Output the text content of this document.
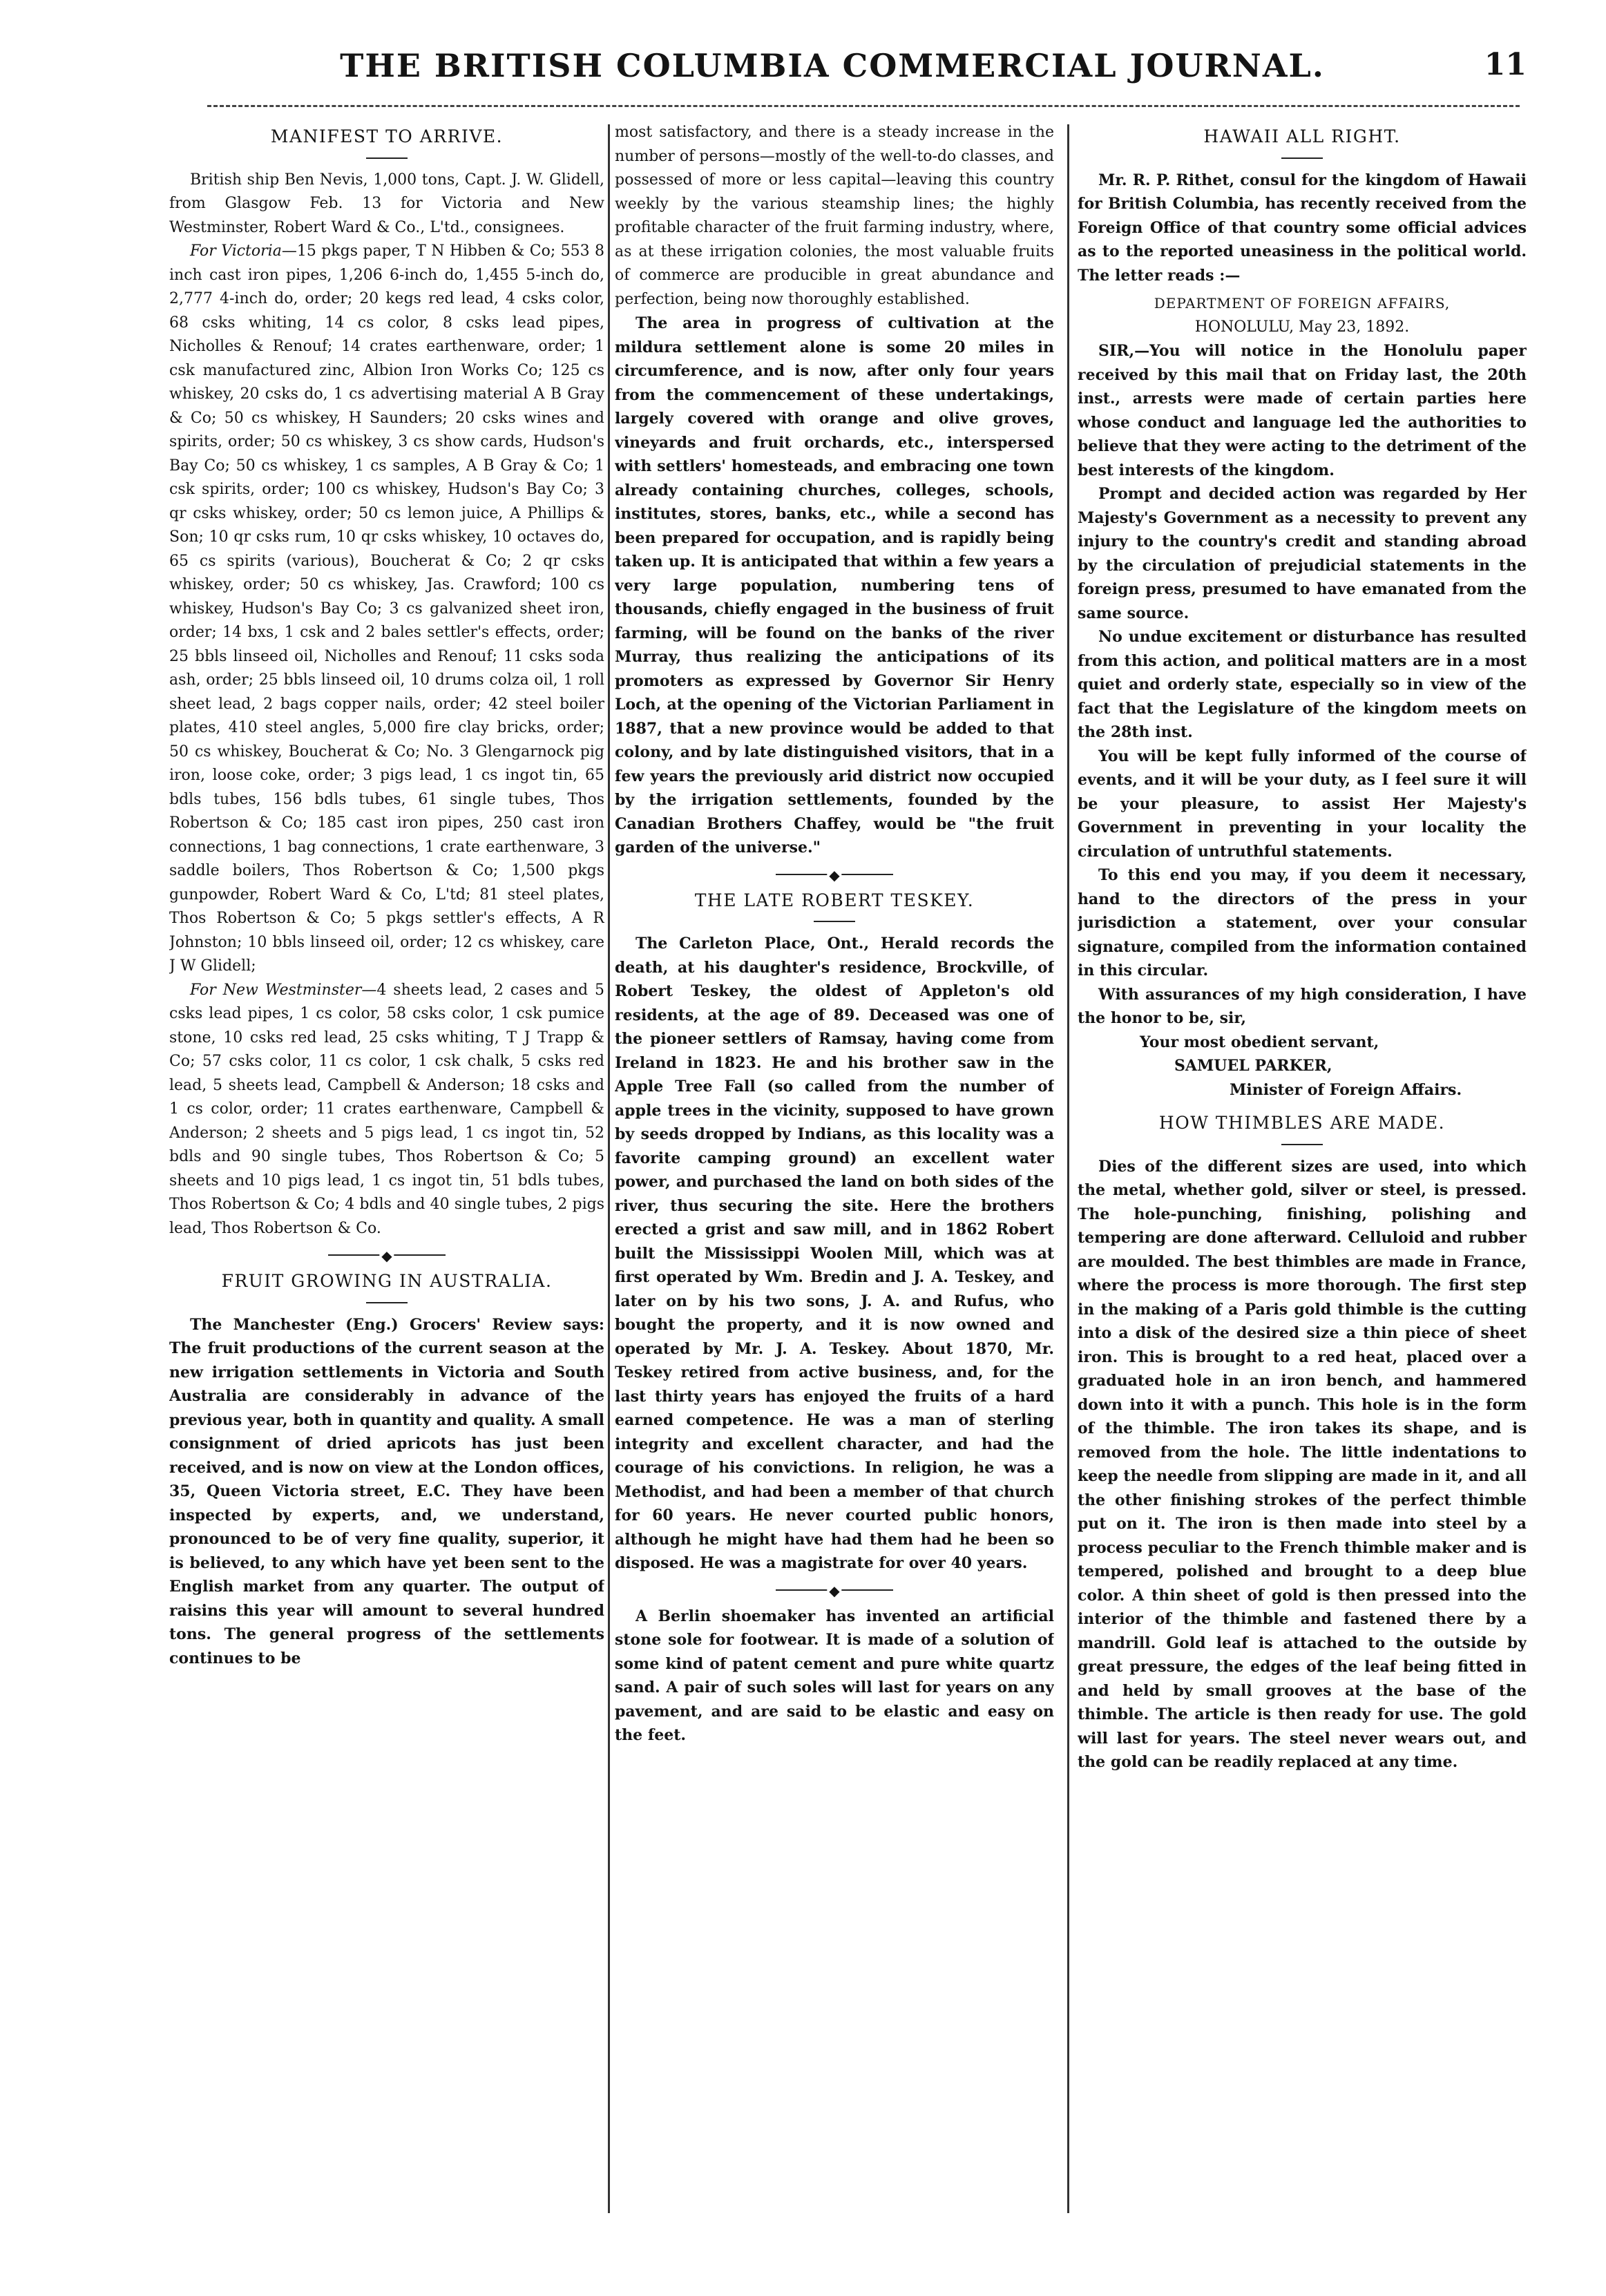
THE BRITISH COLUMBIA COMMERCIAL JOURNAL.	11
MANIFEST TO ARRIVE.

British ship Ben Nevis, 1,000 tons, Capt. J. W. Glidell, from Glasgow Feb. 13 for Victoria and New Westminster, Robert Ward & Co., L'td., consignees.

For Victoria—15 pkgs paper, T N Hibben & Co; 553 8 inch cast iron pipes, 1,206 6-inch do, 1,455 5-inch do, 2,777 4-inch do, order; 20 kegs red lead, 4 csks color, 68 csks whiting, 14 cs color, 8 csks lead pipes, Nicholles & Renouf; 14 crates earthenware, order; 1 csk manufactured zinc, Albion Iron Works Co; 125 cs whiskey, 20 csks do, 1 cs advertising material A B Gray & Co; 50 cs whiskey, H Saunders; 20 csks wines and spirits, order; 50 cs whiskey, 3 cs show cards, Hudson's Bay Co; 50 cs whiskey, 1 cs samples, A B Gray & Co; 1 csk spirits, order; 100 cs whiskey, Hudson's Bay Co; 3 qr csks whiskey, order; 50 cs lemon juice, A Phillips & Son; 10 qr csks rum, 10 qr csks whiskey, 10 octaves do, 65 cs spirits (various), Boucherat & Co; 2 qr csks whiskey, order; 50 cs whiskey, Jas. Crawford; 100 cs whiskey, Hudson's Bay Co; 3 cs galvanized sheet iron, order; 14 bxs, 1 csk and 2 bales settler's effects, order; 25 bbls linseed oil, Nicholles and Renouf; 11 csks soda ash, order; 25 bbls linseed oil, 10 drums colza oil, 1 roll sheet lead, 2 bags copper nails, order; 42 steel boiler plates, 410 steel angles, 5,000 fire clay bricks, order; 50 cs whiskey, Boucherat & Co; No. 3 Glengarnock pig iron, loose coke, order; 3 pigs lead, 1 cs ingot tin, 65 bdls tubes, 156 bdls tubes, 61 single tubes, Thos Robertson & Co; 185 cast iron pipes, 250 cast iron connections, 1 bag connections, 1 crate earthenware, 3 saddle boilers, Thos Robertson & Co; 1,500 pkgs gunpowder, Robert Ward & Co, L'td; 81 steel plates, Thos Robertson & Co; 5 pkgs settler's effects, A R Johnston; 10 bbls linseed oil, order; 12 cs whiskey, care J W Glidell;

For New Westminster—4 sheets lead, 2 cases and 5 csks lead pipes, 1 cs color, 58 csks color, 1 csk pumice stone, 10 csks red lead, 25 csks whiting, T J Trapp & Co; 57 csks color, 11 cs color, 1 csk chalk, 5 csks red lead, 5 sheets lead, Campbell & Anderson; 18 csks and 1 cs color, order; 11 crates earthenware, Campbell & Anderson; 2 sheets and 5 pigs lead, 1 cs ingot tin, 52 bdls and 90 single tubes, Thos Robertson & Co; 5 sheets and 10 pigs lead, 1 cs ingot tin, 51 bdls tubes, Thos Robertson & Co; 4 bdls and 40 single tubes, 2 pigs lead, Thos Robertson & Co.

◆
FRUIT GROWING IN AUSTRALIA.

The Manchester (Eng.) Grocers' Review says: The fruit productions of the current season at the new irrigation settlements in Victoria and South Australia are considerably in advance of the previous year, both in quantity and quality. A small consignment of dried apricots has just been received, and is now on view at the London offices, 35, Queen Victoria street, E.C. They have been inspected by experts, and, we understand, pronounced to be of very fine quality, superior, it is believed, to any which have yet been sent to the English market from any quarter. The output of raisins this year will amount to several hundred tons. The general progress of the settlements continues to be

most satisfactory, and there is a steady increase in the number of persons—mostly of the well-to-do classes, and possessed of more or less capital—leaving this country weekly by the various steamship lines; the highly profitable character of the fruit farming industry, where, as at these irrigation colonies, the most valuable fruits of commerce are producible in great abundance and perfection, being now thoroughly established.

The area in progress of cultivation at the mildura settlement alone is some 20 miles in circumference, and is now, after only four years from the commencement of these undertakings, largely covered with orange and olive groves, vineyards and fruit orchards, etc., interspersed with settlers' homesteads, and embracing one town already containing churches, colleges, schools, institutes, stores, banks, etc., while a second has been prepared for occupation, and is rapidly being taken up. It is anticipated that within a few years a very large population, numbering tens of thousands, chiefly engaged in the business of fruit farming, will be found on the banks of the river Murray, thus realizing the anticipations of its promoters as expressed by Governor Sir Henry Loch, at the opening of the Victorian Parliament in 1887, that a new province would be added to that colony, and by late distinguished visitors, that in a few years the previously arid district now occupied by the irrigation settlements, founded by the Canadian Brothers Chaffey, would be "the fruit garden of the universe."

◆
THE LATE ROBERT TESKEY.

The Carleton Place, Ont., Herald records the death, at his daughter's residence, Brockville, of Robert Teskey, the oldest of Appleton's old residents, at the age of 89. Deceased was one of the pioneer settlers of Ramsay, having come from Ireland in 1823. He and his brother saw in the Apple Tree Fall (so called from the number of apple trees in the vicinity, supposed to have grown by seeds dropped by Indians, as this locality was a favorite camping ground) an excellent water power, and purchased the land on both sides of the river, thus securing the site. Here the brothers erected a grist and saw mill, and in 1862 Robert built the Mississippi Woolen Mill, which was at first operated by Wm. Bredin and J. A. Teskey, and later on by his two sons, J. A. and Rufus, who bought the property, and it is now owned and operated by Mr. J. A. Teskey. About 1870, Mr. Teskey retired from active business, and, for the last thirty years has enjoyed the fruits of a hard earned competence. He was a man of sterling integrity and excellent character, and had the courage of his convictions. In religion, he was a Methodist, and had been a member of that church for 60 years. He never courted public honors, although he might have had them had he been so disposed. He was a magistrate for over 40 years.

◆

A Berlin shoemaker has invented an artificial stone sole for footwear. It is made of a solution of some kind of patent cement and pure white quartz sand. A pair of such soles will last for years on any pavement, and are said to be elastic and easy on the feet.

HAWAII ALL RIGHT.

Mr. R. P. Rithet, consul for the kingdom of Hawaii for British Columbia, has recently received from the Foreign Office of that country some official advices as to the reported uneasiness in the political world. The letter reads :—

DEPARTMENT OF FOREIGN AFFAIRS,

HONOLULU, May 23, 1892.

SIR,—You will notice in the Honolulu paper received by this mail that on Friday last, the 20th inst., arrests were made of certain parties here whose conduct and language led the authorities to believe that they were acting to the detriment of the best interests of the kingdom.

Prompt and decided action was regarded by Her Majesty's Government as a necessity to prevent any injury to the country's credit and standing abroad by the circulation of prejudicial statements in the foreign press, presumed to have emanated from the same source.

No undue excitement or disturbance has resulted from this action, and political matters are in a most quiet and orderly state, especially so in view of the fact that the Legislature of the kingdom meets on the 28th inst.

You will be kept fully informed of the course of events, and it will be your duty, as I feel sure it will be your pleasure, to assist Her Majesty's Government in preventing in your locality the circulation of untruthful statements.

To this end you may, if you deem it necessary, hand to the directors of the press in your jurisdiction a statement, over your consular signature, compiled from the information contained in this circular.

With assurances of my high consideration, I have the honor to be, sir,

Your most obedient servant,

SAMUEL PARKER,

Minister of Foreign Affairs.

HOW THIMBLES ARE MADE.

Dies of the different sizes are used, into which the metal, whether gold, silver or steel, is pressed. The hole-punching, finishing, polishing and tempering are done afterward. Celluloid and rubber are moulded. The best thimbles are made in France, where the process is more thorough. The first step in the making of a Paris gold thimble is the cutting into a disk of the desired size a thin piece of sheet iron. This is brought to a red heat, placed over a graduated hole in an iron bench, and hammered down into it with a punch. This hole is in the form of the thimble. The iron takes its shape, and is removed from the hole. The little indentations to keep the needle from slipping are made in it, and all the other finishing strokes of the perfect thimble put on it. The iron is then made into steel by a process peculiar to the French thimble maker and is tempered, polished and brought to a deep blue color. A thin sheet of gold is then pressed into the interior of the thimble and fastened there by a mandrill. Gold leaf is attached to the outside by great pressure, the edges of the leaf being fitted in and held by small grooves at the base of the thimble. The article is then ready for use. The gold will last for years. The steel never wears out, and the gold can be readily replaced at any time.
